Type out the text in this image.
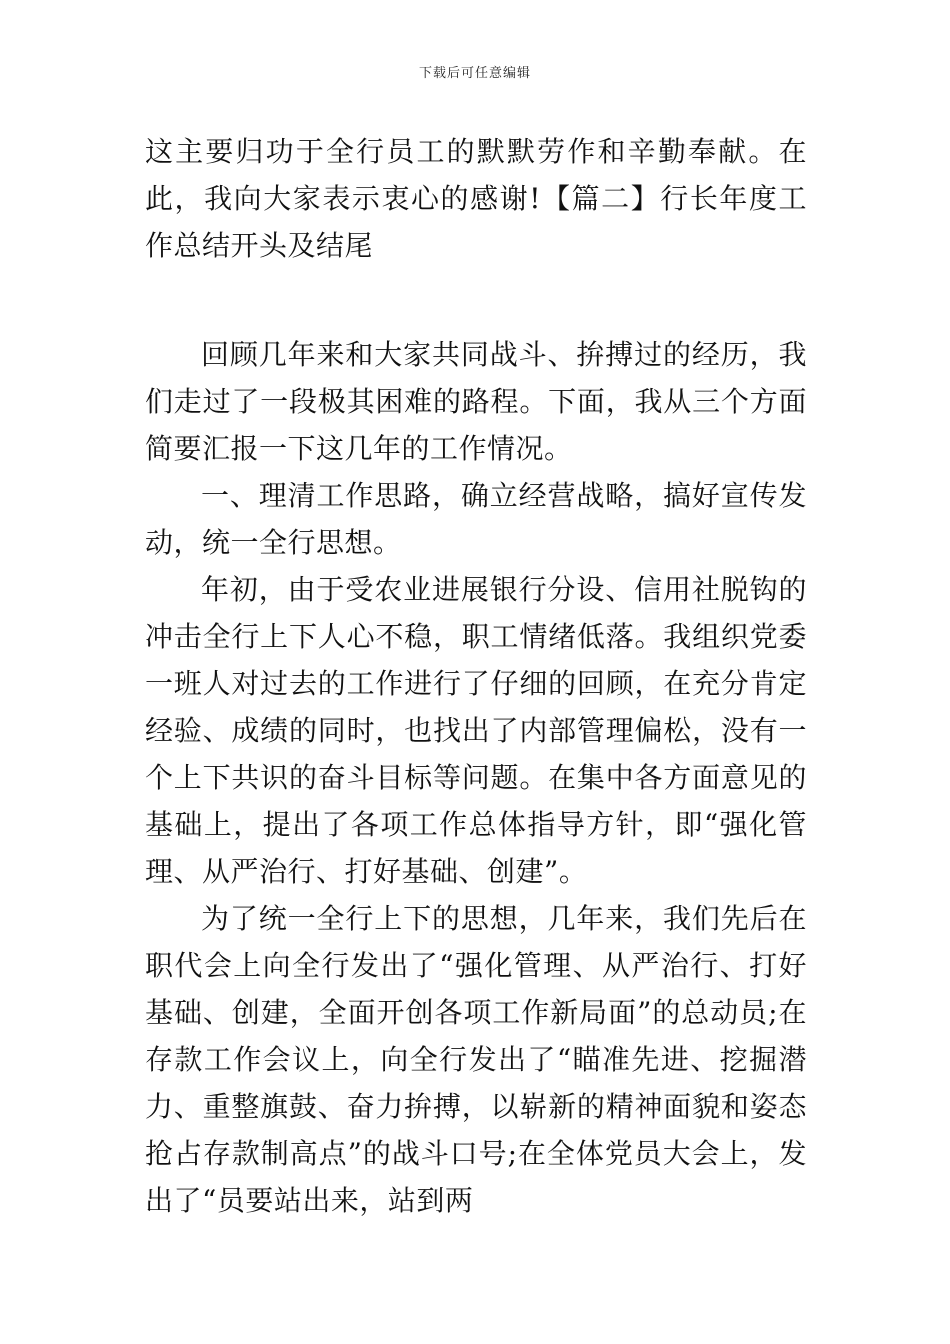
下载后可任意编辑

这主要归功于全行员工的默默劳作和辛勤奉献。在此，我向大家表示衷心的感谢!【篇二】行长年度工作总结开头及结尾

回顾几年来和大家共同战斗、拚搏过的经历，我们走过了一段极其困难的路程。下面，我从三个方面简要汇报一下这几年的工作情况。

一、理清工作思路，确立经营战略，搞好宣传发动，统一全行思想。

年初，由于受农业进展银行分设、信用社脱钩的冲击全行上下人心不稳，职工情绪低落。我组织党委一班人对过去的工作进行了仔细的回顾，在充分肯定经验、成绩的同时，也找出了内部管理偏松，没有一个上下共识的奋斗目标等问题。在集中各方面意见的基础上，提出了各项工作总体指导方针，即“强化管理、从严治行、打好基础、创建”。

为了统一全行上下的思想，几年来，我们先后在职代会上向全行发出了“强化管理、从严治行、打好基础、创建，全面开创各项工作新局面”的总动员;在存款工作会议上，向全行发出了“瞄准先进、挖掘潜力、重整旗鼓、奋力拚搏，以崭新的精神面貌和姿态抢占存款制高点”的战斗口号;在全体党员大会上，发出了“员要站出来，站到两
